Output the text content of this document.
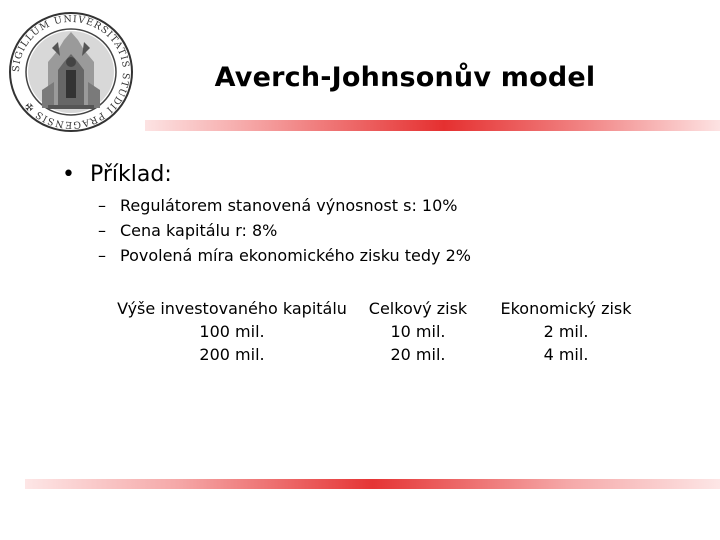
SIGILLUM UNIVERSITATIS STUDII PRAGENSIS ✠
Averch-Johnsonův model
• Příklad:
– Regulátorem stanovená výnosnost s: 10%
– Cena kapitálu r: 8%
– Povolená míra ekonomického zisku tedy 2%
Výše investovaného kapitálu
100 mil.
200 mil.
Celkový zisk
10 mil.
20 mil.
Ekonomický zisk
2 mil.
4 mil.
